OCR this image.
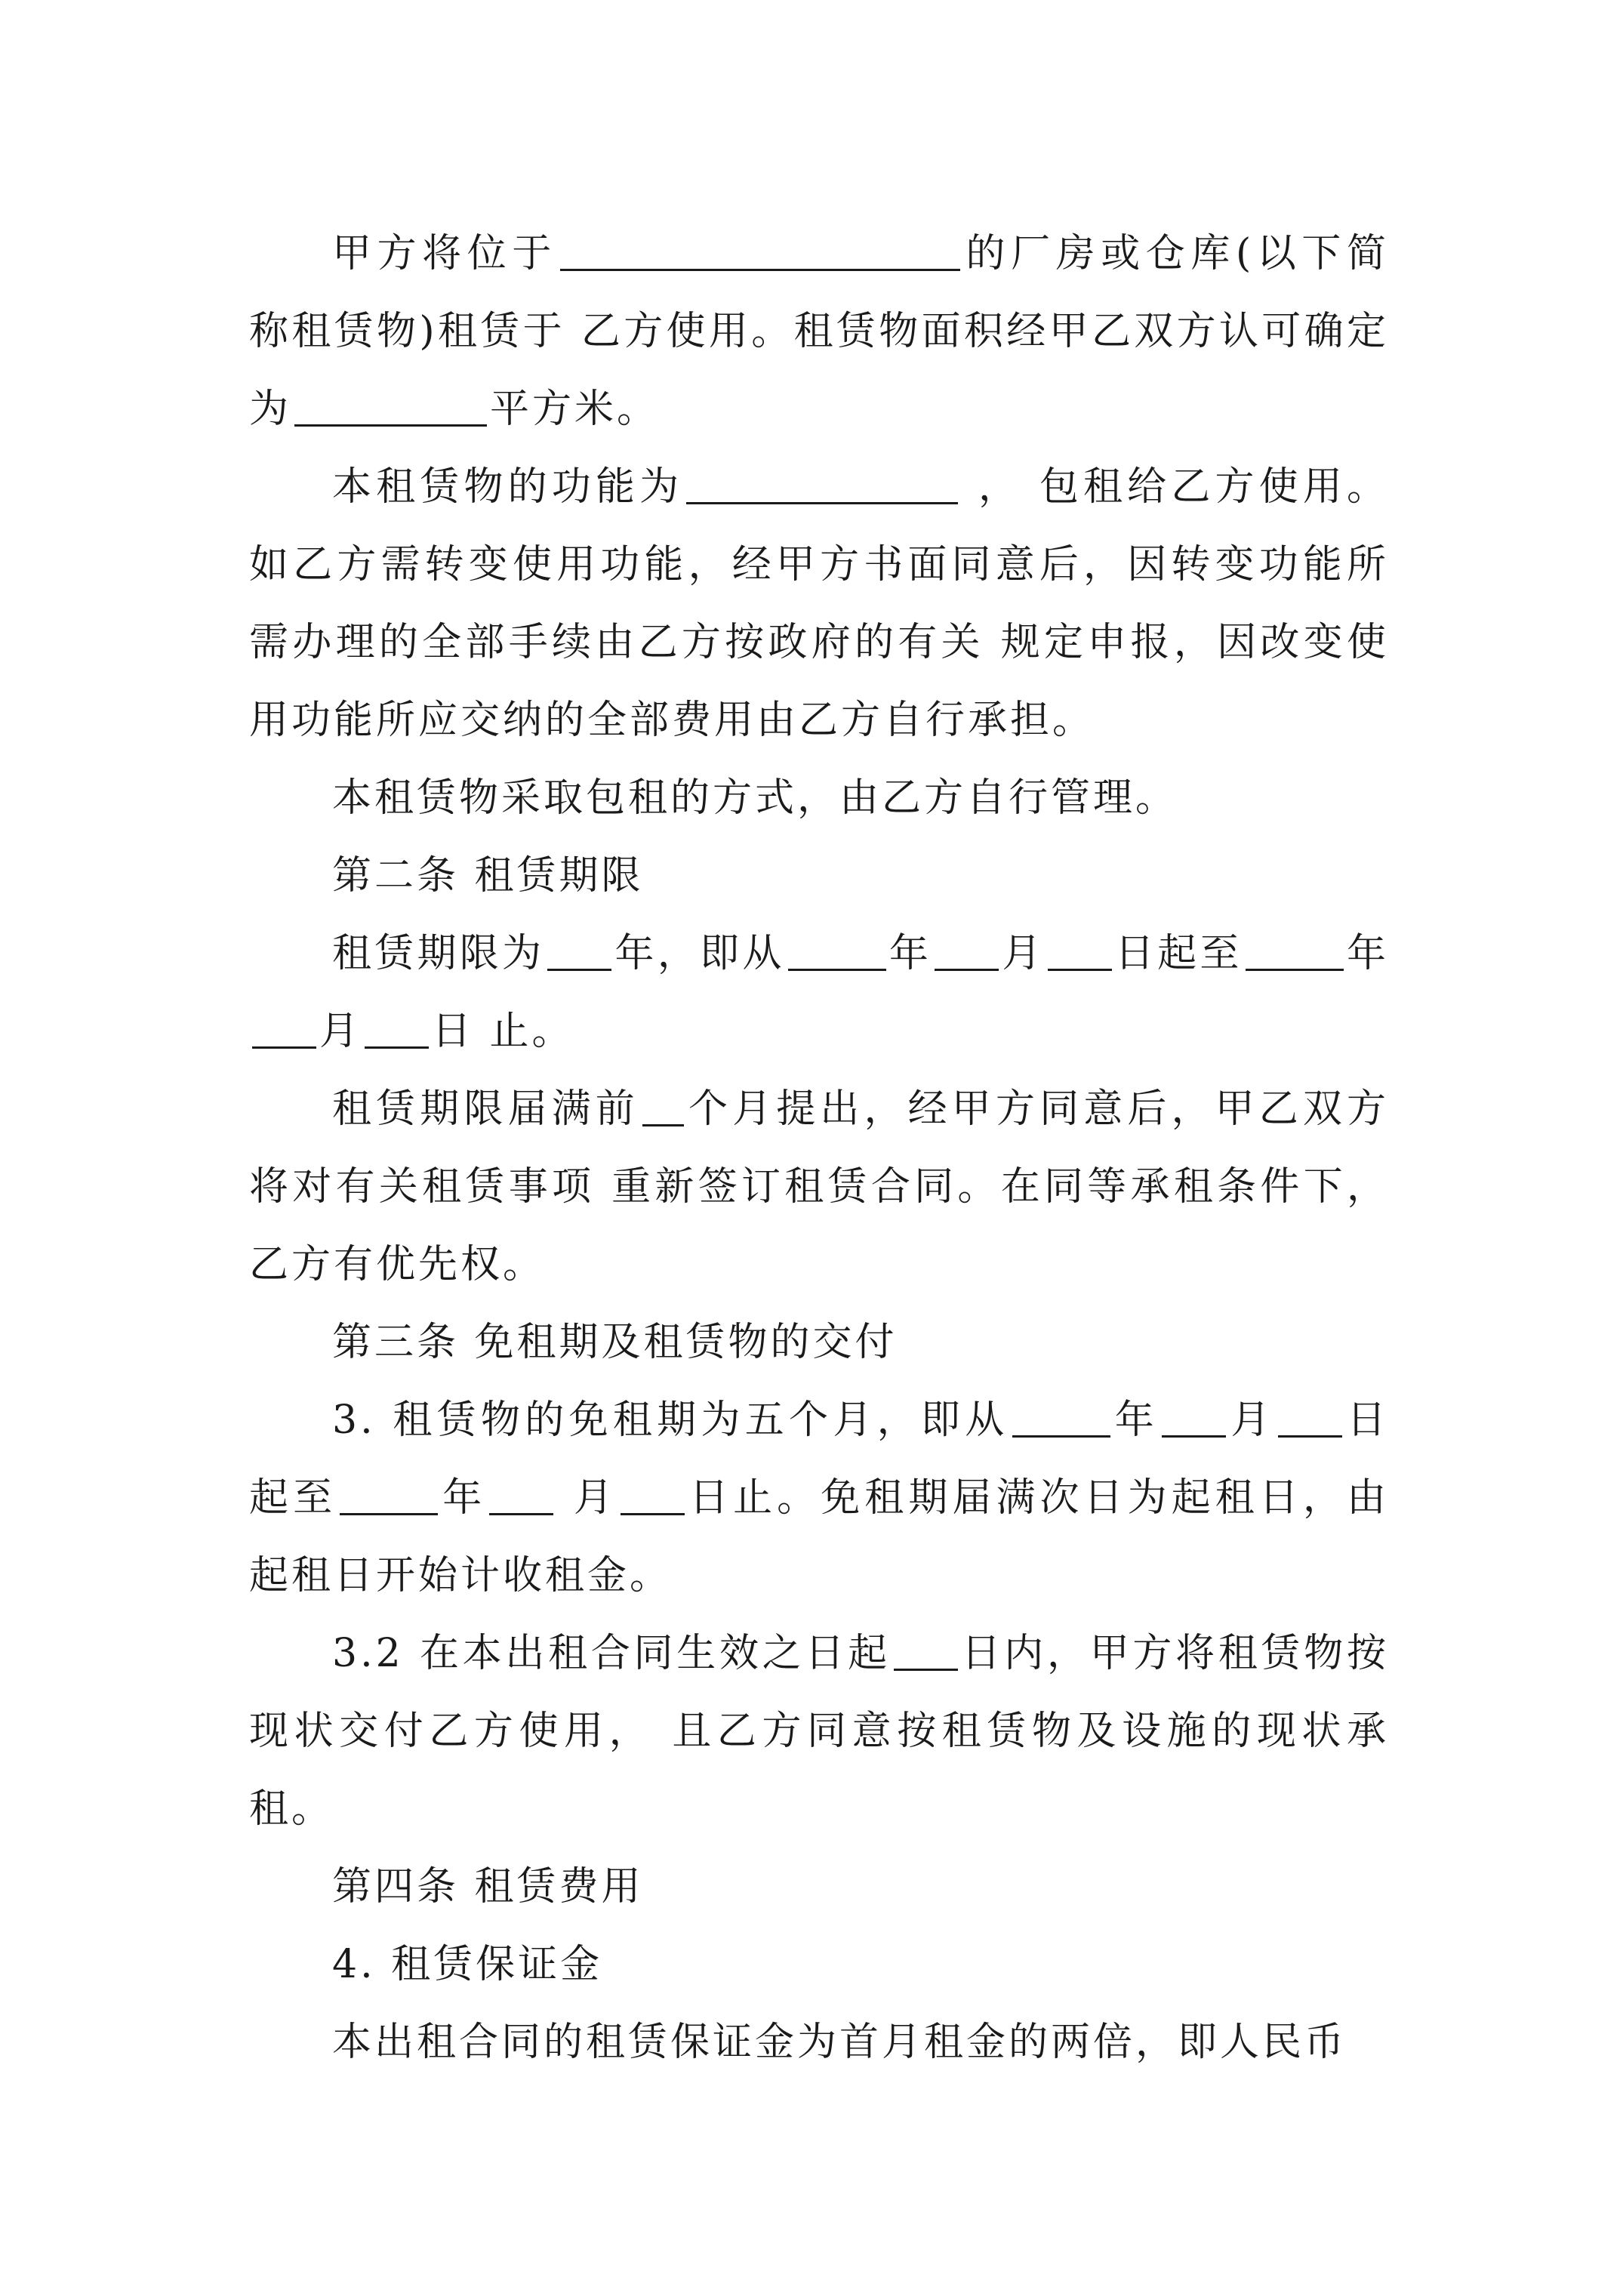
甲方将位于	的厂房或仓库(以下简称租赁物)租赁于 乙方使用。租赁物面积经甲乙双方认可确定为	平方米。

本租赁物的功能为	， 包租给乙方使用。如乙方需转变使用功能，经甲方书面同意后，因转变功能所需办理的全部手续由乙方按政府的有关 规定申报，因改变使用功能所应交纳的全部费用由乙方自行承担。

本租赁物采取包租的方式，由乙方自行管理。

第二条 租赁期限

租赁期限为 年，即从	年 月 日起至	年月 日 止。

租赁期限届满前 个月提出，经甲方同意后，甲乙双方将对有关租赁事项 重新签订租赁合同。在同等承租条件下，乙方有优先权。

第三条 免租期及租赁物的交付

3. 租赁物的免租期为五个月，即从	年 月 日起至	年 月 日止。免租期届满次日为起租日，由起租日开始计收租金。

3.2 在本出租合同生效之日起 日内，甲方将租赁物按现状交付乙方使用， 且乙方同意按租赁物及设施的现状承租。

第四条 租赁费用

4. 租赁保证金

本出租合同的租赁保证金为首月租金的两倍，即人民币
